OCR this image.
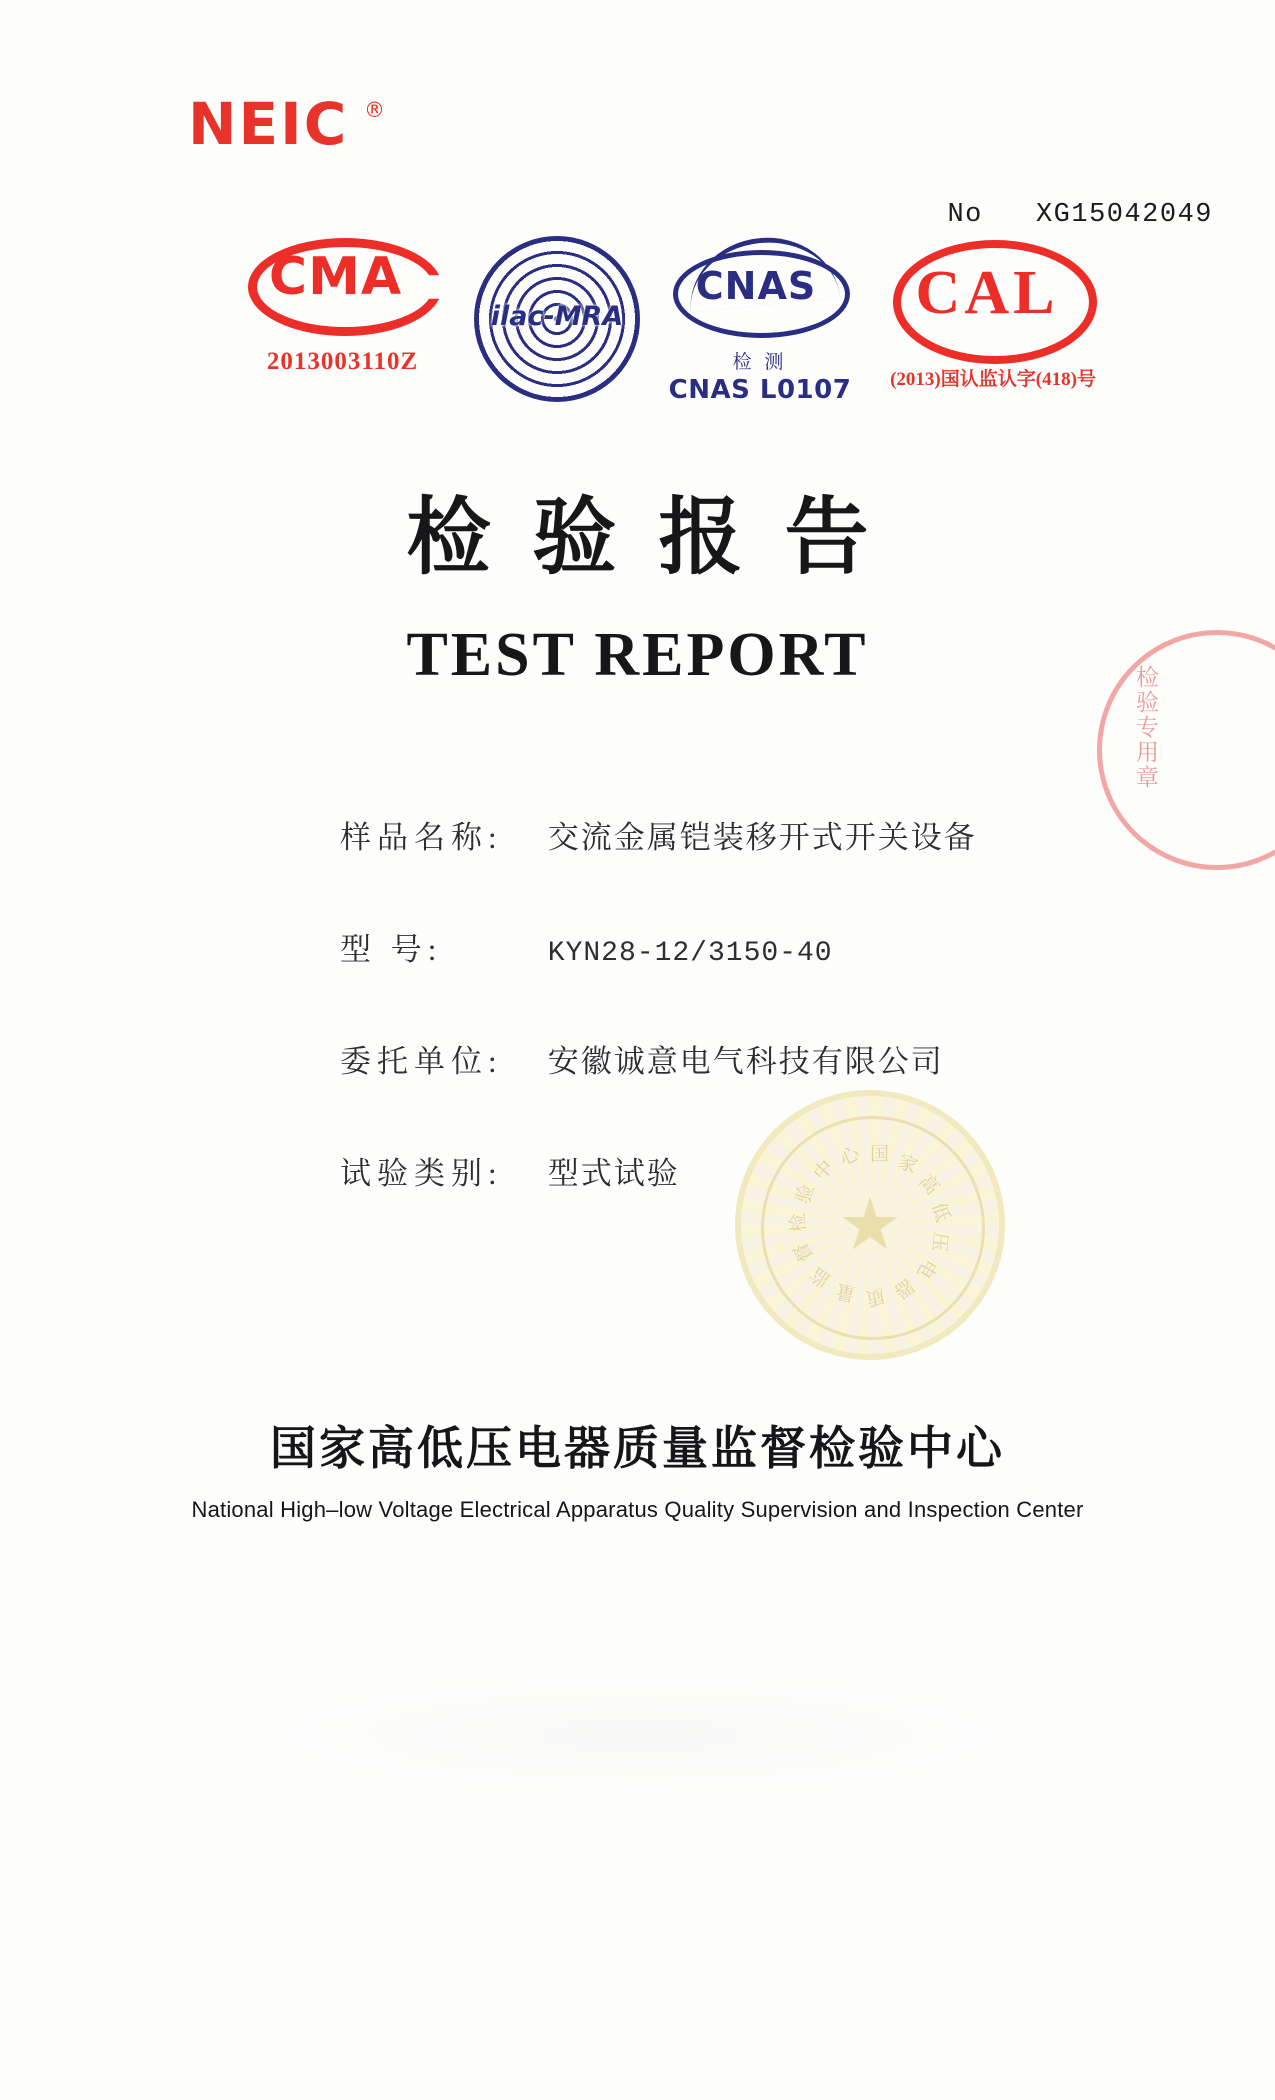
NEIC ®
No XG15042049
CMA
2013003110Z
ilac-MRA
CNAS
检 测
CNAS L0107
CAL
(2013)国认监认字(418)号
检验报告
TEST REPORT
检验专用章
样品名称: 交流金属铠装移开式开关设备
型 号:	KYN28-12/3150-40
委托单位: 安徽诚意电气科技有限公司
试验类别: 型式试验
国 家
高
低
压
电
器
质
量
监
督
检
验
中
心
★
国家高低压电器质量监督检验中心
National High–low Voltage Electrical Apparatus Quality Supervision and Inspection Center
